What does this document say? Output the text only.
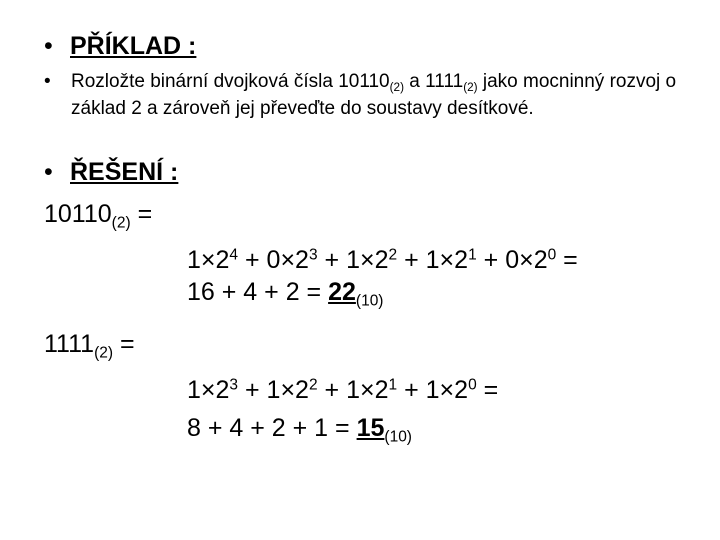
• PŘÍKLAD :
• Rozložte binární dvojková čísla $10110_{(2)}$ a $1111_{(2)}$ jako mocninný rozvoj o základ 2 a zároveň jej převeďte do soustavy desítkové.
• ŘEŠENÍ :
$10110_{(2)}$ =
$1\times 2^4 + 0\times 2^3 + 1\times 2^2 + 1\times 2^1 + 0\times 2^0$ =
$16 + 4 + 2 = 22_{(10)}$
$1111_{(2)}$ =
$1\times 2^3 + 1\times 2^2 + 1\times 2^1 + 1\times 2^0$ =
$8 + 4 + 2 + 1 = 15_{(10)}$
